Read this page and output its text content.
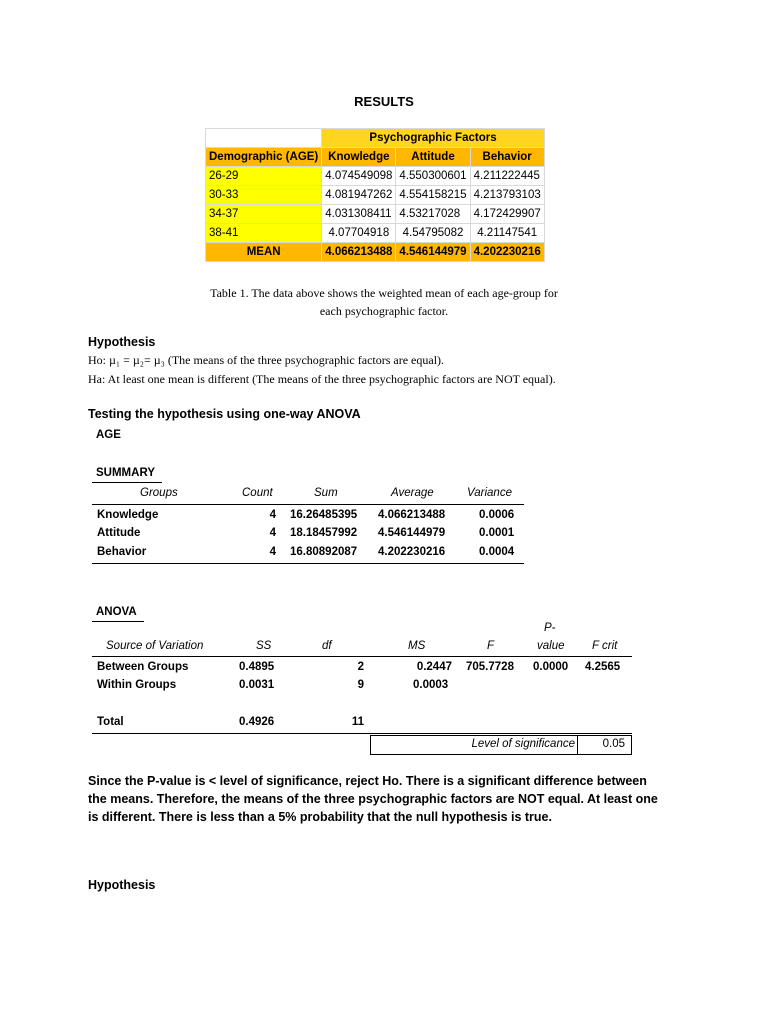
RESULTS
	Psychographic Factors		
Demographic (AGE)	Knowledge	Attitude	Behavior
26-29	4.074549098	4.550300601	4.211222445
30-33	4.081947262	4.554158215	4.213793103
34-37	4.031308411	4.53217028	4.172429907
38-41	4.07704918	4.54795082	4.21147541
MEAN	4.066213488	4.546144979	4.202230216
Table 1. The data above shows the weighted mean of each age-group for
each psychographic factor.
Hypothesis
Ho: µ₁ = µ₂= µ₃ (The means of the three psychographic factors are equal).
Ha: At least one mean is different (The means of the three psychographic factors are NOT equal).
Testing the hypothesis using one-way ANOVA
AGE
SUMMARY
Groups	Count	Sum	Average	Variance
Knowledge	4 16.26485395 4.066213488	0.0006
Attitude	4 18.18457992 4.546144979	0.0001
Behavior	4 16.80892087 4.202230216	0.0004
ANOVA
P-
Source of Variation	SS	df	MS	F	value F crit
Between Groups	0.4895	2	0.2447 705.7728 0.0000 4.2565
Within Groups	0.0031	9	0.0003
Total	0.4926	11
Level of significance 0.05
Since the P-value is < level of significance, reject Ho. There is a significant difference between the means. Therefore, the means of the three psychographic factors are NOT equal. At least one is different. There is less than a 5% probability that the null hypothesis is true.
Hypothesis
